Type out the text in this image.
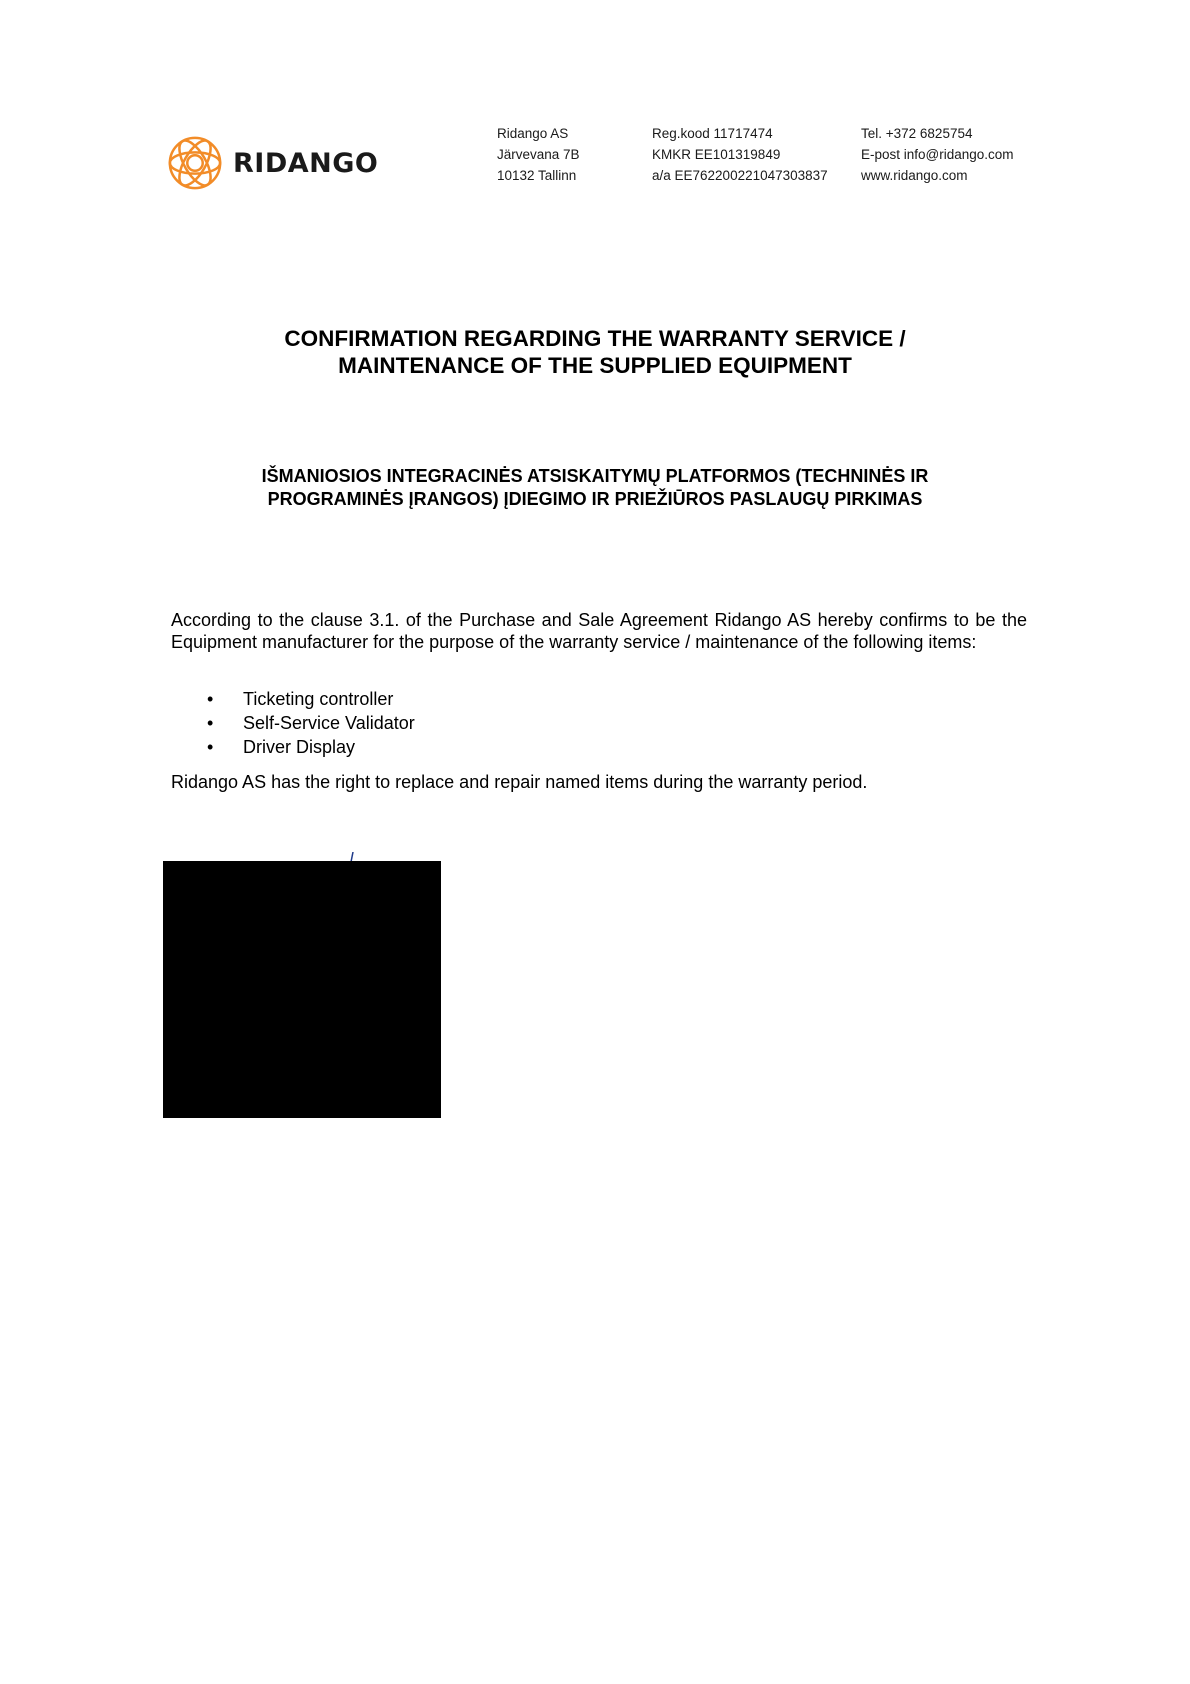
RIDANGO
Ridango AS
Järvevana 7B
10132 Tallinn
Reg.kood 11717474
KMKR EE101319849
a/a EE762200221047303837
Tel. +372 6825754
E-post info@ridango.com
www.ridango.com
CONFIRMATION REGARDING THE WARRANTY SERVICE /
MAINTENANCE OF THE SUPPLIED EQUIPMENT
IŠMANIOSIOS INTEGRACINĖS ATSISKAITYMŲ PLATFORMOS (TECHNINĖS IR
PROGRAMINĖS ĮRANGOS) ĮDIEGIMO IR PRIEŽIŪROS PASLAUGŲ PIRKIMAS
According to the clause 3.1. of the Purchase and Sale Agreement Ridango AS hereby confirms to be the Equipment manufacturer for the purpose of the warranty service / maintenance of the following items:
•	Ticketing controller
•	Self-Service Validator
•	Driver Display
Ridango AS has the right to replace and repair named items during the warranty period.
